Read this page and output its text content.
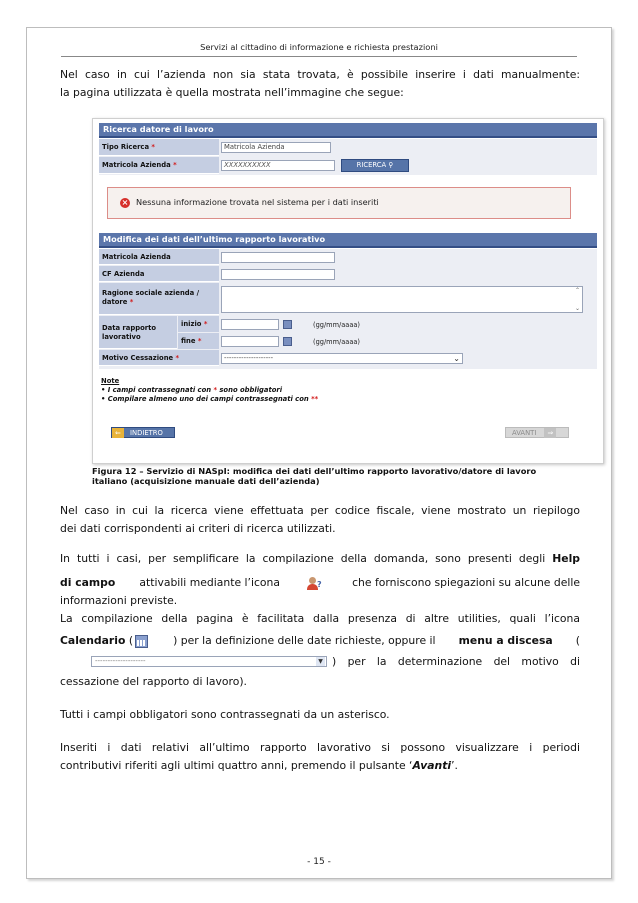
Servizi al cittadino di informazione e richiesta prestazioni
Nel caso in cui l’azienda non sia stata trovata, è possibile inserire i dati manualmente:
la pagina utilizzata è quella mostrata nell’immagine che segue:
Ricerca datore di lavoro
Tipo Ricerca *	Matricola Azienda
Matricola Azienda *	XXXXXXXXXX	RICERCA ⚲
× Nessuna informazione trovata nel sistema per i dati inseriti
Modifica dei dati dell’ultimo rapporto lavorativo
Matricola Azienda
CF Azienda
Ragione sociale azienda /
datore *
⌃
⌄
Data rapporto
lavorativo
inizio *	(gg/mm/aaaa)
fine *	(gg/mm/aaaa)
Motivo Cessazione *	--------------------	⌄
Note
• I campi contrassegnati con * sono obbligatori
• Compilare almeno uno dei campi contrassegnati con **
⇐ INDIETRO	AVANTI ⇒
Figura 12 – Servizio di NASpI: modifica dei dati dell’ultimo rapporto lavorativo/datore di lavoro
italiano (acquisizione manuale dati dell’azienda)
Nel caso in cui la ricerca viene effettuata per codice fiscale, viene mostrato un riepilogo
dei dati corrispondenti ai criteri di ricerca utilizzati.
In tutti i casi, per semplificare la compilazione della domanda, sono presenti degli Help
di campo attivabili mediante l’icona	?	che forniscono spiegazioni su alcune delle
informazioni previste.
La compilazione della pagina è facilitata dalla presenza di altre utilities, quali l’icona
Calendario (	) per la definizione delle date richieste, oppure il menu a discesa (
--------------------	▼ ) per la determinazione del motivo di
cessazione del rapporto di lavoro).
Tutti i campi obbligatori sono contrassegnati da un asterisco.
Inseriti i dati relativi all’ultimo rapporto lavorativo si possono visualizzare i periodi
contributivi riferiti agli ultimi quattro anni, premendo il pulsante ‘Avanti’.
- 15 -
